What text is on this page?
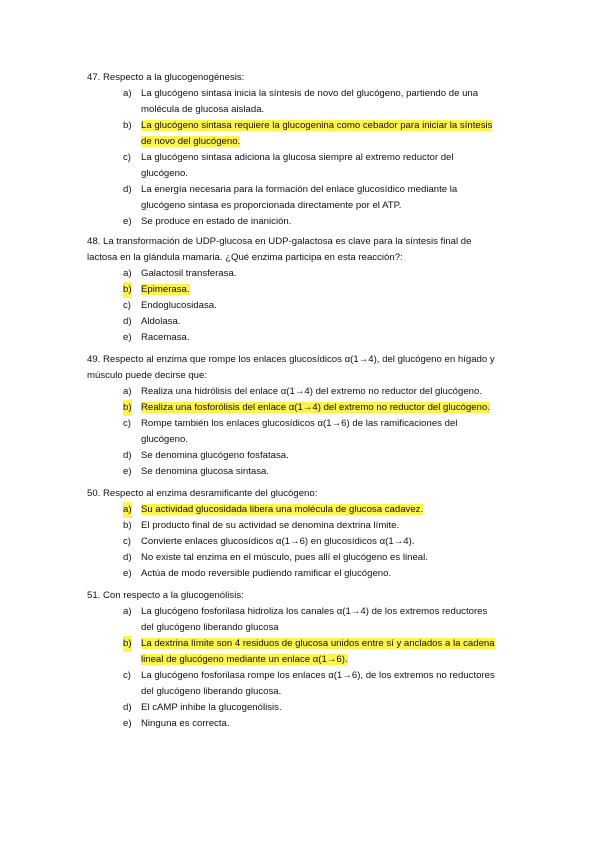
47. Respecto a la glucogenogénesis:
a) La glucógeno sintasa inicia la síntesis de novo del glucógeno, partiendo de una
molécula de glucosa aislada.
b) La glucógeno sintasa requiere la glucogenina como cebador para iniciar la síntesis
de novo del glucógeno.
c) La glucógeno sintasa adiciona la glucosa siempre al extremo reductor del
glucógeno.
d) La energía necesaria para la formación del enlace glucosídico mediante la
glucógeno sintasa es proporcionada directamente por el ATP.
e) Se produce en estado de inanición.
48. La transformación de UDP-glucosa en UDP-galactosa es clave para la síntesis final de
lactosa en la glándula mamaria. ¿Qué enzima participa en esta reacción?:
a) Galactosil transferasa.
b) Epimerasa.
c) Endoglucosidasa.
d) Aldolasa.
e) Racemasa.
49. Respecto al enzima que rompe los enlaces glucosídicos α(1→4), del glucógeno en hígado y
músculo puede decirse que:
a) Realiza una hidrólisis del enlace α(1→4) del extremo no reductor del glucógeno.
b) Realiza una fosforólisis del enlace α(1→4) del extremo no reductor del glucógeno.
c) Rompe también los enlaces glucosídicos α(1→6) de las ramificaciones del
glucógeno.
d) Se denomina glucógeno fosfatasa.
e) Se denomina glucosa sintasa.
50. Respecto al enzima desramificante del glucógeno:
a) Su actividad glucosidada libera una molécula de glucosa cadavez.
b) El producto final de su actividad se denomina dextrina límite.
c) Convierte enlaces glucosídicos α(1→6) en glucosídicos α(1→4).
d) No existe tal enzima en el músculo, pues allí el glucógeno es lineal.
e) Actúa de modo reversible pudiendo ramificar el glucógeno.
51. Con respecto a la glucogenólisis:
a) La glucógeno fosforilasa hidroliza los canales α(1→4) de los extremos reductores
del glucógeno liberando glucosa
b) La dextrina límite son 4 residuos de glucosa unidos entre sí y anclados a la cadena
lineal de glucógeno mediante un enlace α(1→6).
c) La glucógeno fosforilasa rompe los enlaces α(1→6), de los extremos no reductores
del glucógeno liberando glucosa.
d) El cAMP inhibe la glucogenólisis.
e) Ninguna es correcta.
